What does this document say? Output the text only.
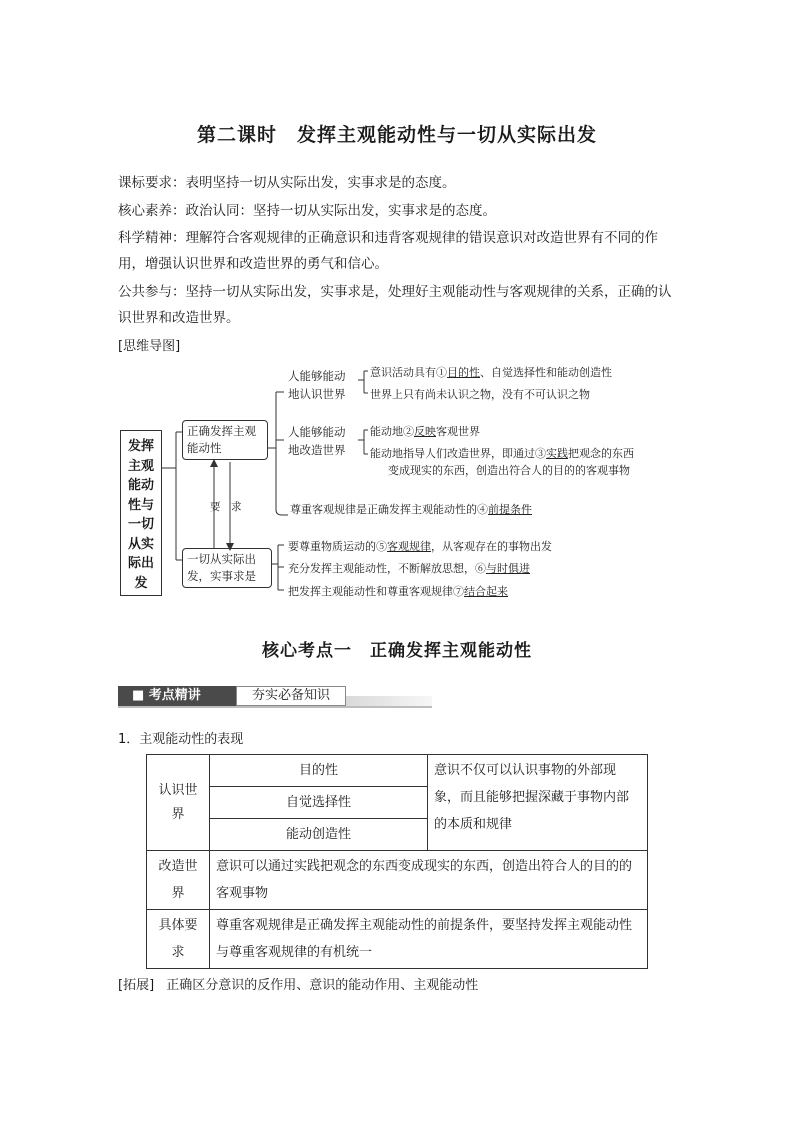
第二课时　发挥主观能动性与一切从实际出发
课标要求：表明坚持一切从实际出发，实事求是的态度。
核心素养：政治认同：坚持一切从实际出发，实事求是的态度。
科学精神：理解符合客观规律的正确意识和违背客观规律的错误意识对改造世界有不同的作用，增强认识世界和改造世界的勇气和信心。
公共参与：坚持一切从实际出发，实事求是，处理好主观能动性与客观规律的关系，正确的认识世界和改造世界。
[思维导图]
发挥
主观
能动
性与
一切
从实
际出
发
正确发挥主观
能动性
一切从实际出
发，实事求是
要　求
人能够能动
地认识世界
人能够能动
地改造世界
意识活动具有①目的性、自觉选择性和能动创造性
世界上只有尚未认识之物，没有不可认识之物
能动地②反映客观世界
能动地指导人们改造世界，即通过③实践把观念的东西
变成现实的东西，创造出符合人的目的的客观事物
尊重客观规律是正确发挥主观能动性的④前提条件
要尊重物质运动的⑤客观规律，从客观存在的事物出发
充分发挥主观能动性，不断解放思想，⑥与时俱进
把发挥主观能动性和尊重客观规律⑦结合起来
核心考点一　正确发挥主观能动性
■ 考点精讲	夯实必备知识
1．主观能动性的表现
认识世界	目的性	意识不仅可以认识事物的外部现象，而且能够把握深藏于事物内部的本质和规律
	自觉选择性	
	能动创造性	
改造世界	意识可以通过实践把观念的东西变成现实的东西，创造出符合人的目的的客观事物	
具体要求	尊重客观规律是正确发挥主观能动性的前提条件，要坚持发挥主观能动性与尊重客观规律的有机统一	
[拓展] 正确区分意识的反作用、意识的能动作用、主观能动性
